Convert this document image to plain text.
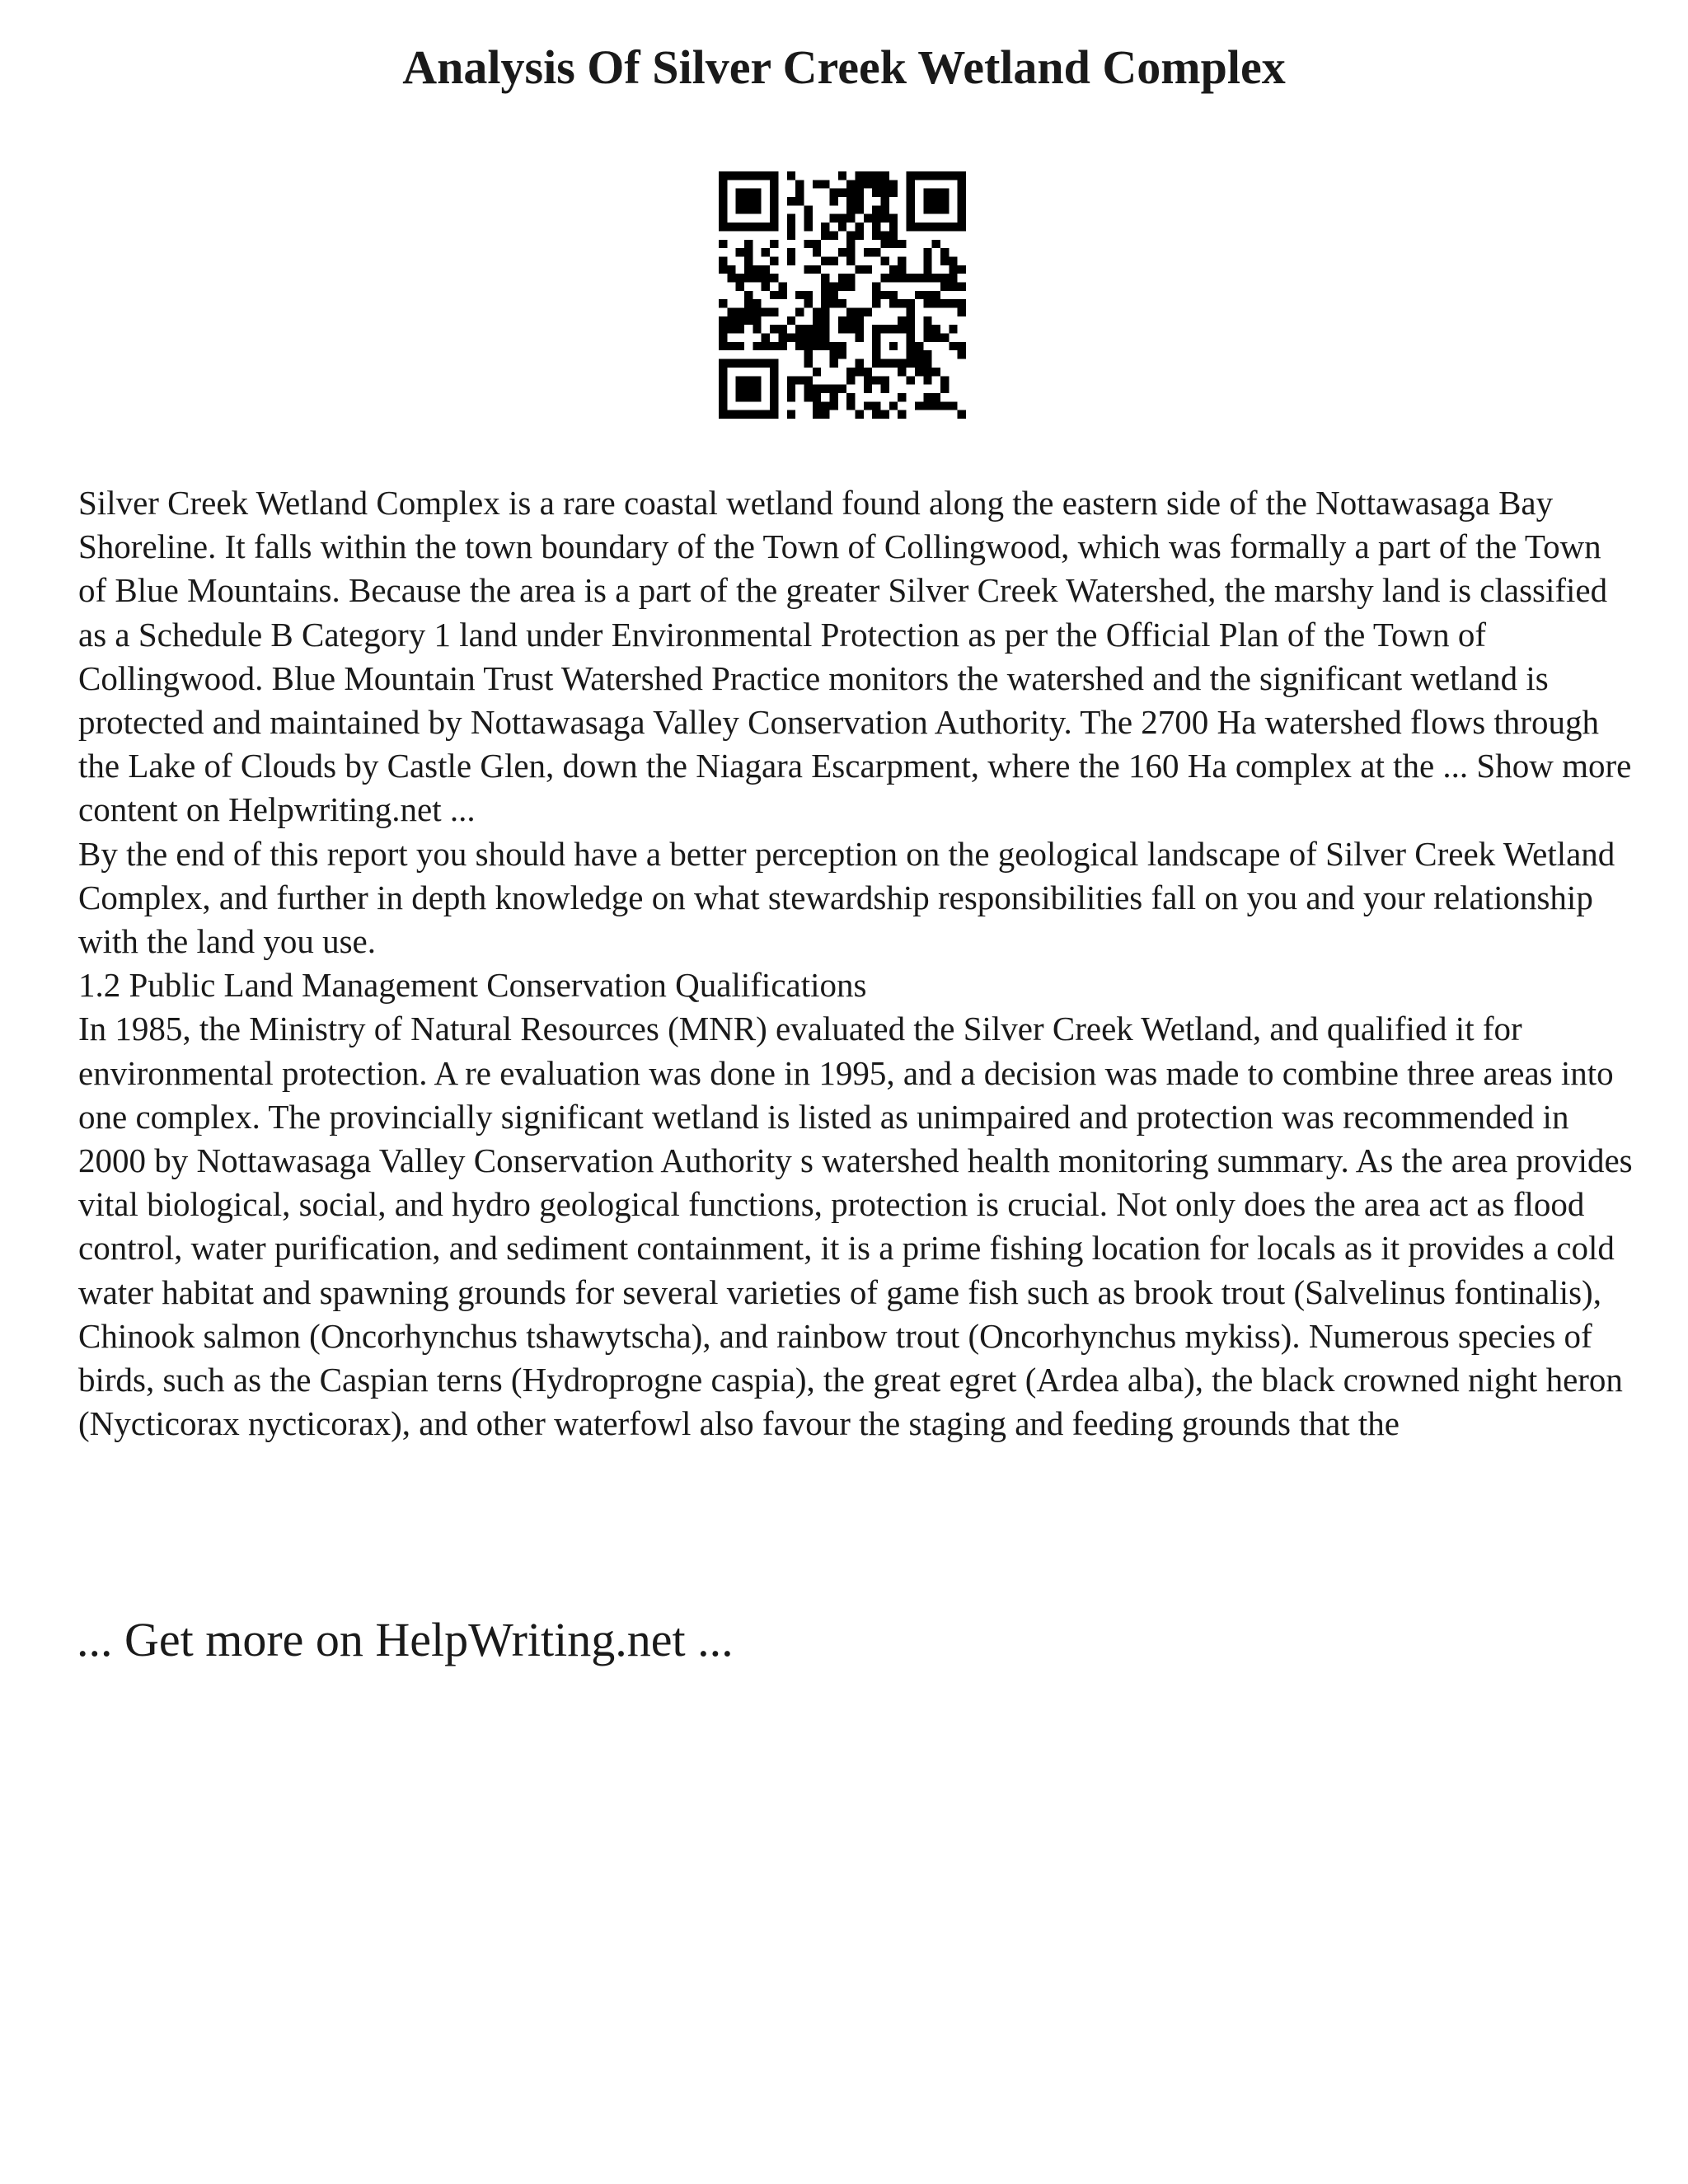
Analysis Of Silver Creek Wetland Complex

Silver Creek Wetland Complex is a rare coastal wetland found along the eastern side of the Nottawasaga Bay Shoreline. It falls within the town boundary of the Town of Collingwood, which was formally a part of the Town of Blue Mountains. Because the area is a part of the greater Silver Creek Watershed, the marshy land is classified as a Schedule B Category 1 land under Environmental Protection as per the Official Plan of the Town of Collingwood. Blue Mountain Trust Watershed Practice monitors the watershed and the significant wetland is protected and maintained by Nottawasaga Valley Conservation Authority. The 2700 Ha watershed flows through the Lake of Clouds by Castle Glen, down the Niagara Escarpment, where the 160 Ha complex at the ... Show more content on Helpwriting.net ...

By the end of this report you should have a better perception on the geological landscape of Silver Creek Wetland Complex, and further in depth knowledge on what stewardship responsibilities fall on you and your relationship with the land you use.

1.2 Public Land Management Conservation Qualifications

In 1985, the Ministry of Natural Resources (MNR) evaluated the Silver Creek Wetland, and qualified it for environmental protection. A re evaluation was done in 1995, and a decision was made to combine three areas into one complex. The provincially significant wetland is listed as unimpaired and protection was recommended in 2000 by Nottawasaga Valley Conservation Authority s watershed health monitoring summary. As the area provides vital biological, social, and hydro geological functions, protection is crucial. Not only does the area act as flood control, water purification, and sediment containment, it is a prime fishing location for locals as it provides a cold water habitat and spawning grounds for several varieties of game fish such as brook trout (Salvelinus fontinalis), Chinook salmon (Oncorhynchus tshawytscha), and rainbow trout (Oncorhynchus mykiss). Numerous species of birds, such as the Caspian terns (Hydroprogne caspia), the great egret (Ardea alba), the black crowned night heron (Nycticorax nycticorax), and other waterfowl also favour the staging and feeding grounds that the

... Get more on HelpWriting.net ...
